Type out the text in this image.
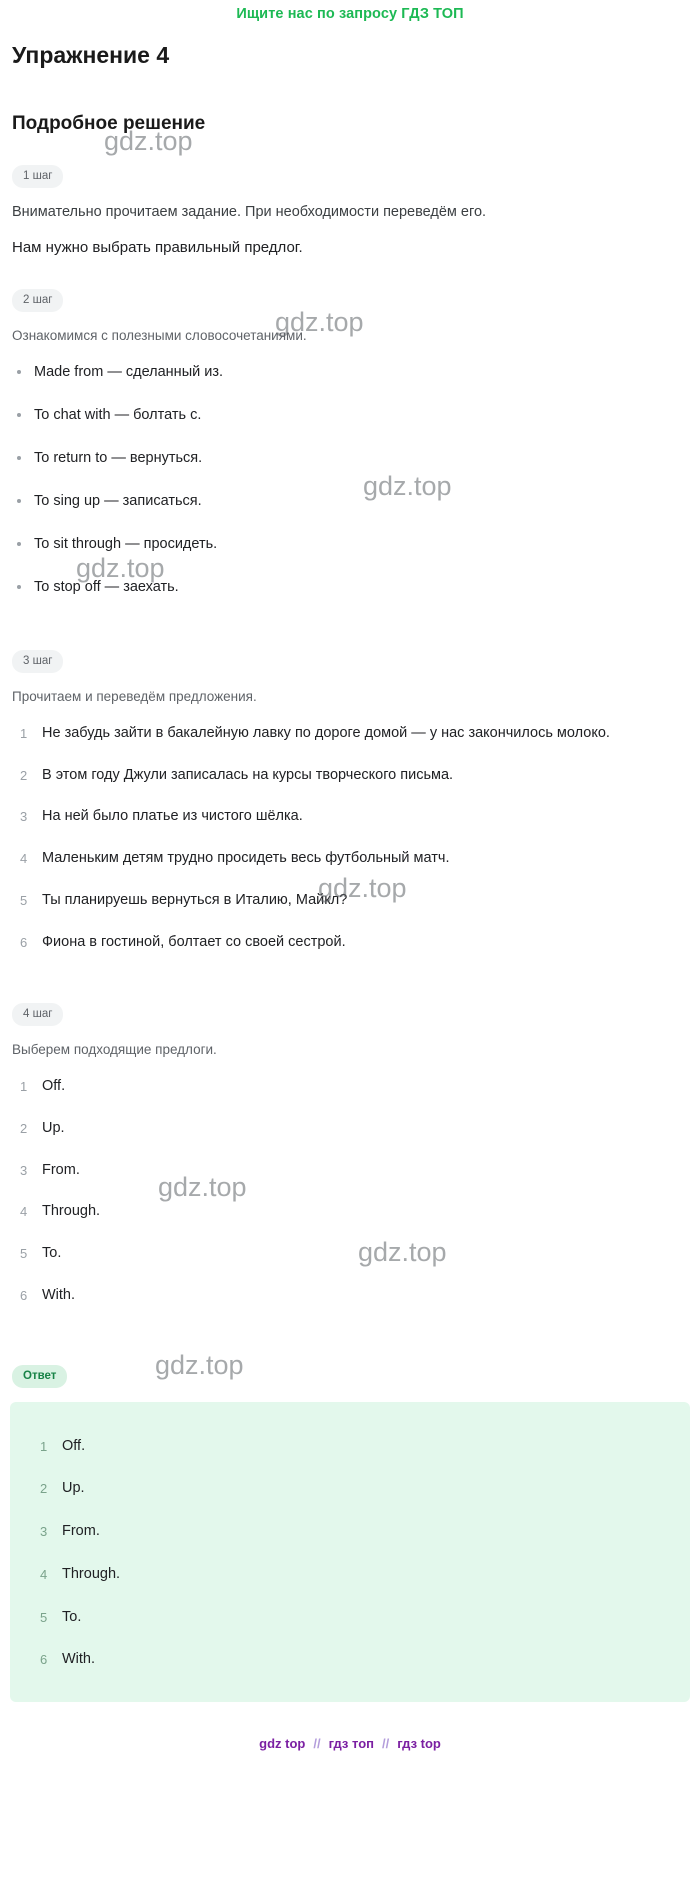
Ищите нас по запросу ГДЗ ТОП
Упражнение 4
Подробное решение
1 шаг

Внимательно прочитаем задание. При необходимости переведём его.

Нам нужно выбрать правильный предлог.

2 шаг

Ознакомимся с полезными словосочетаниями.

Made from — сделанный из.
To chat with — болтать с.
To return to — вернуться.
To sing up — записаться.
To sit through — просидеть.
To stop off — заехать.
3 шаг

Прочитаем и переведём предложения.

Не забудь зайти в бакалейную лавку по дороге домой — у нас закончилось молоко.
В этом году Джули записалась на курсы творческого письма.
На ней было платье из чистого шёлка.
Маленьким детям трудно просидеть весь футбольный матч.
Ты планируешь вернуться в Италию, Майкл?
Фиона в гостиной, болтает со своей сестрой.
4 шаг

Выберем подходящие предлоги.

Off.
Up.
From.
Through.
To.
With.
Ответ
Off.
Up.
From.
Through.
To.
With.
gdz top // гдз топ // гдз top
gdz.top
gdz.top
gdz.top
gdz.top
gdz.top
gdz.top
gdz.top
gdz.top
